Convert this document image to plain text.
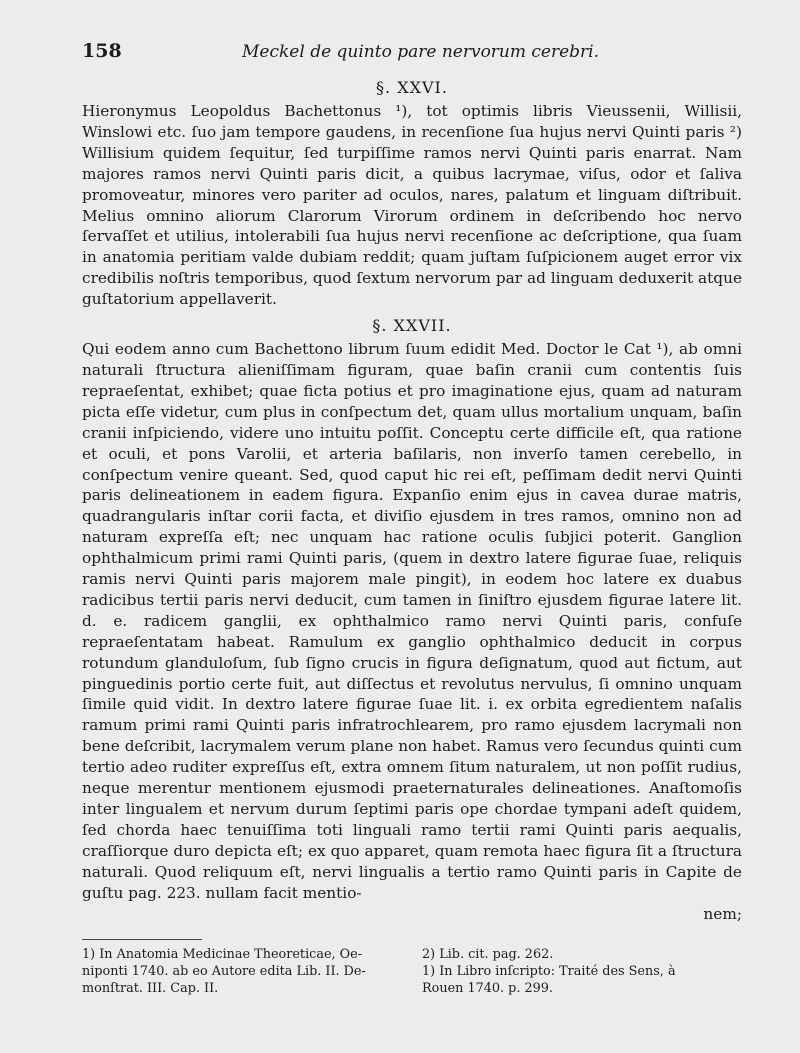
158	Meckel de quinto pare nervorum cerebri.
§. XXVI.

Hieronymus Leopoldus Bachettonus ¹), tot optimis libris Vieussenii, Willisii, Winslowi etc. ſuo jam tempore gaudens, in recenſione ſua hujus nervi Quinti paris ²) Willisium quidem ſequitur, ſed turpiſſime ramos nervi Quinti paris enarrat. Nam majores ramos nervi Quinti paris dicit, a quibus lacrymae, viſus, odor et ſaliva promoveatur, minores vero pariter ad oculos, nares, palatum et linguam diſtribuit. Melius omnino aliorum Clarorum Virorum ordinem in deſcribendo hoc nervo ſervaſſet et utilius, intolerabili ſua hujus nervi recenſione ac deſcriptione, qua ſuam in anatomia peritiam valde dubiam reddit; quam juſtam ſuſpicionem auget error vix credibilis noſtris temporibus, quod ſextum nervorum par ad linguam deduxerit atque guſtatorium appellaverit.

§. XXVII.

Qui eodem anno cum Bachettono librum ſuum edidit Med. Doctor le Cat ¹), ab omni naturali ſtructura alieniſſimam figuram, quae baſin cranii cum contentis ſuis repraeſentat, exhibet; quae ficta potius et pro imaginatione ejus, quam ad naturam picta eſſe videtur, cum plus in conſpectum det, quam ullus mortalium unquam, baſin cranii inſpiciendo, videre uno intuitu poſſit. Conceptu certe difficile eſt, qua ratione et oculi, et pons Varolii, et arteria baſilaris, non inverſo tamen cerebello, in conſpectum venire queant. Sed, quod caput hic rei eſt, peſſimam dedit nervi Quinti paris delineationem in eadem figura. Expanſio enim ejus in cavea durae matris, quadrangularis inſtar corii facta, et diviſio ejusdem in tres ramos, omnino non ad naturam expreſſa eſt; nec unquam hac ratione oculis ſubjici poterit. Ganglion ophthalmicum primi rami Quinti paris, (quem in dextro latere figurae ſuae, reliquis ramis nervi Quinti paris majorem male pingit), in eodem hoc latere ex duabus radicibus tertii paris nervi deducit, cum tamen in ſiniſtro ejusdem figurae latere lit. d. e. radicem ganglii, ex ophthalmico ramo nervi Quinti paris, confuſe repraeſentatam habeat. Ramulum ex ganglio ophthalmico deducit in corpus rotundum glanduloſum, ſub ſigno crucis in figura deſignatum, quod aut fictum, aut pinguedinis portio certe fuit, aut diſſectus et revolutus nervulus, ſi omnino unquam ſimile quid vidit. In dextro latere figurae ſuae lit. i. ex orbita egredientem naſalis ramum primi rami Quinti paris infratrochlearem, pro ramo ejusdem lacrymali non bene deſcribit, lacrymalem verum plane non habet. Ramus vero ſecundus quinti cum tertio adeo ruditer expreſſus eſt, extra omnem ſitum naturalem, ut non poſſit rudius, neque merentur mentionem ejusmodi praeternaturales delineationes. Anaſtomoſis inter lingualem et nervum durum ſeptimi paris ope chordae tympani adeſt quidem, ſed chorda haec tenuiſſima toti linguali ramo tertii rami Quinti paris aequalis, craſſiorque duro depicta eſt; ex quo apparet, quam remota haec figura ſit a ſtructura naturali. Quod reliquum eſt, nervi lingualis a tertio ramo Quinti paris in Capite de guſtu pag. 223. nullam facit mentio-

nem;
1) In Anatomia Medicinae Theoreticae, Oe-
niponti 1740. ab eo Autore edita Lib. II. De-
monſtrat. III. Cap. II.
2) Lib. cit. pag. 262.
1) In Libro inſcripto: Traité des Sens, à
Rouen 1740. p. 299.
